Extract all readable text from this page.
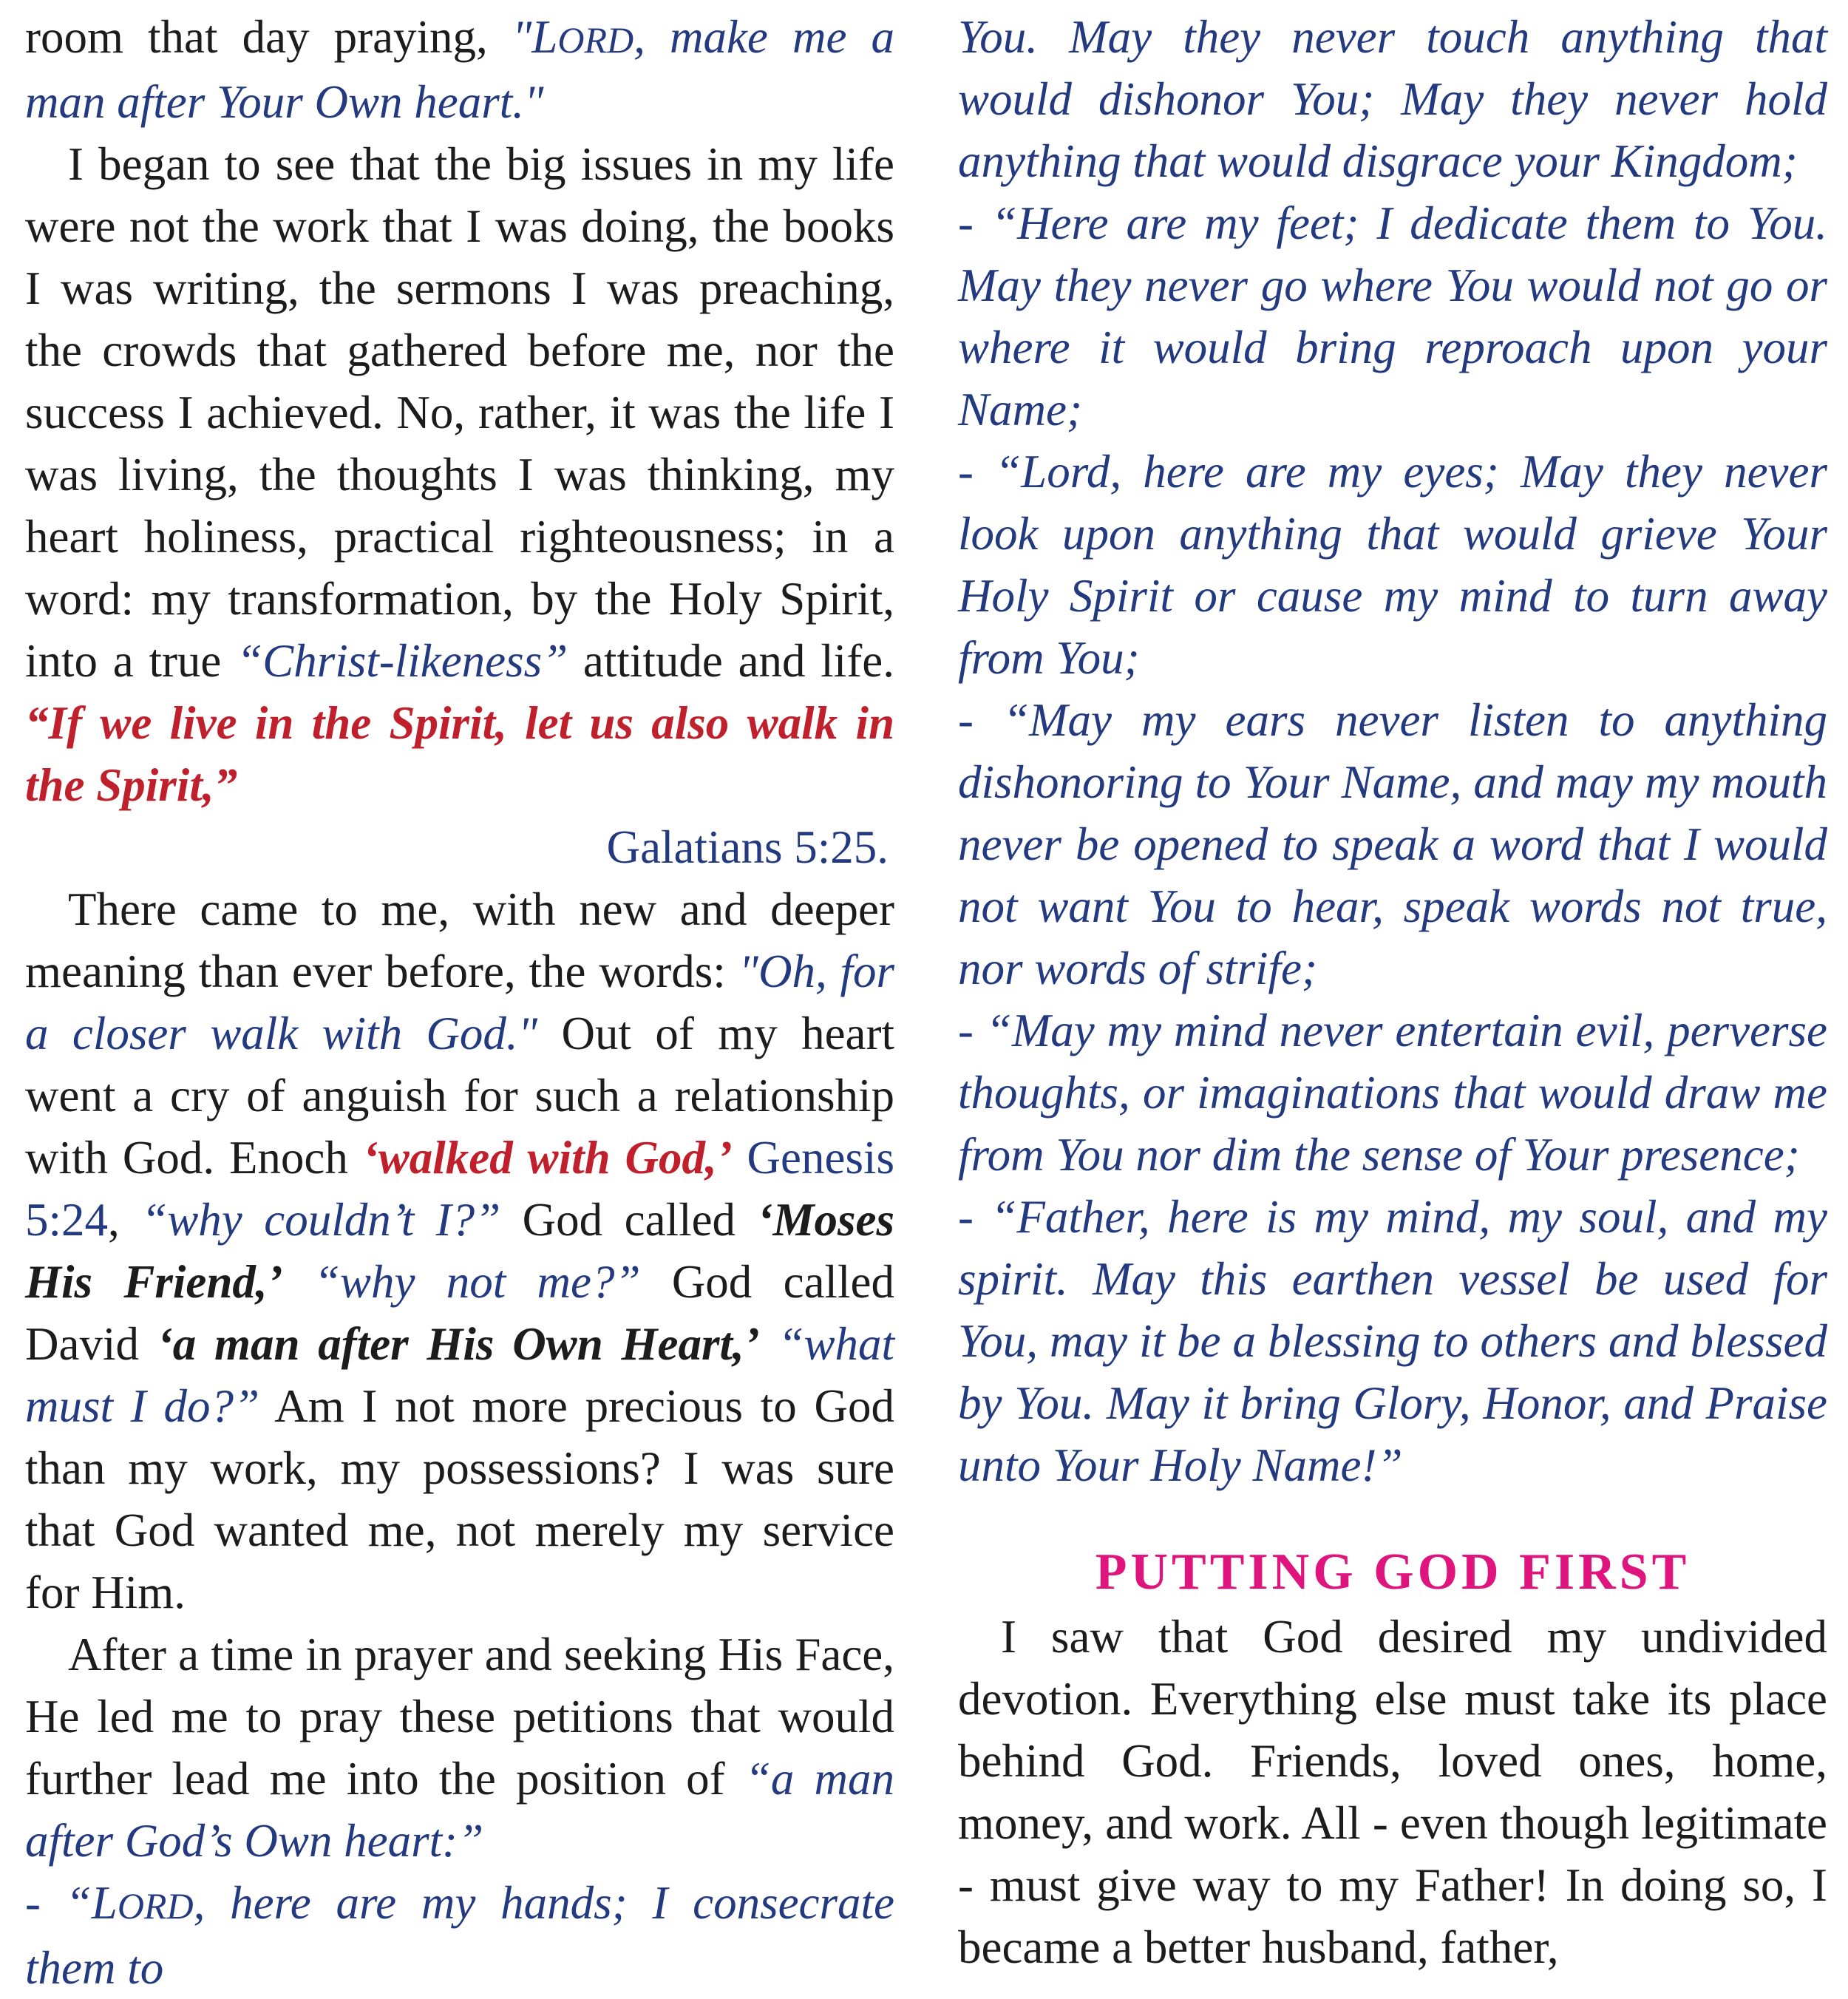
room that day praying, "LORD, make me a man after Your Own heart."

I began to see that the big issues in my life were not the work that I was doing, the books I was writing, the sermons I was preaching, the crowds that gathered before me, nor the success I achieved. No, rather, it was the life I was living, the thoughts I was thinking, my heart holiness, practical righteousness; in a word: my transformation, by the Holy Spirit, into a true “Christ-likeness” attitude and life. “If we live in the Spirit, let us also walk in the Spirit,”

Galatians 5:25.

There came to me, with new and deeper meaning than ever before, the words: "Oh, for a closer walk with God." Out of my heart went a cry of anguish for such a relationship with God. Enoch ‘walked with God,’ Genesis 5:24, “why couldn’t I?” God called ‘Moses His Friend,’ “why not me?” God called David ‘a man after His Own Heart,’ “what must I do?” Am I not more precious to God than my work, my possessions? I was sure that God wanted me, not merely my service for Him.

After a time in prayer and seeking His Face, He led me to pray these petitions that would further lead me into the position of “a man after God’s Own heart:”

- “LORD, here are my hands; I consecrate them to

You. May they never touch anything that would dishonor You; May they never hold anything that would disgrace your Kingdom;

- “Here are my feet; I dedicate them to You. May they never go where You would not go or where it would bring reproach upon your Name;

- “Lord, here are my eyes; May they never look upon anything that would grieve Your Holy Spirit or cause my mind to turn away from You;

- “May my ears never listen to anything dishonoring to Your Name, and may my mouth never be opened to speak a word that I would not want You to hear, speak words not true, nor words of strife;

- “May my mind never entertain evil, perverse thoughts, or imaginations that would draw me from You nor dim the sense of Your presence;

- “Father, here is my mind, my soul, and my spirit. May this earthen vessel be used for You, may it be a blessing to others and blessed by You. May it bring Glory, Honor, and Praise unto Your Holy Name!”

PUTTING GOD FIRST

I saw that God desired my undivided devotion. Everything else must take its place behind God. Friends, loved ones, home, money, and work. All - even though legitimate - must give way to my Father! In doing so, I became a better husband, father,
